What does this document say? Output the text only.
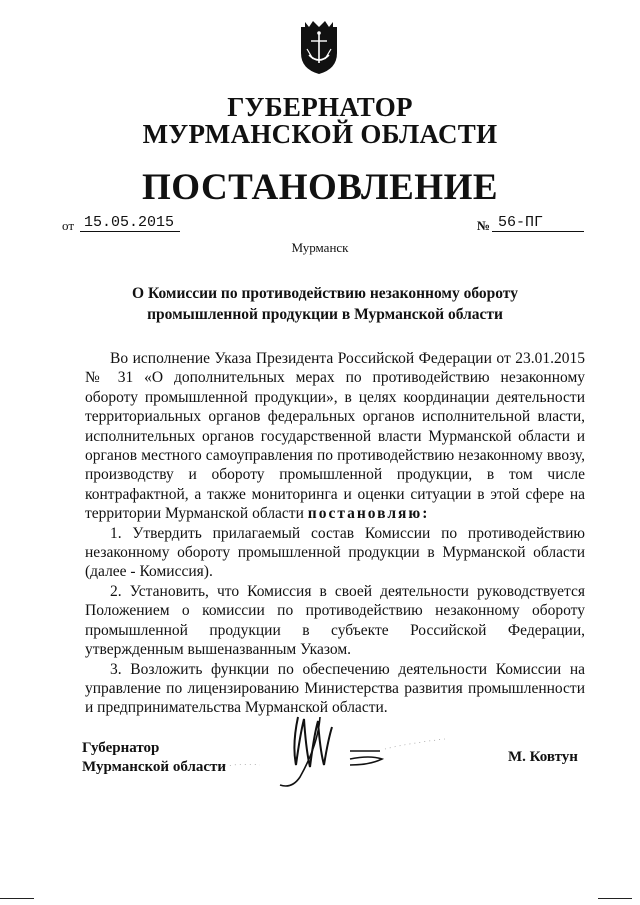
ГУБЕРНАТОР
МУРМАНСКОЙ ОБЛАСТИ
ПОСТАНОВЛЕНИЕ
от 15.05.2015	№ 56-ПГ
Мурманск
О Комиссии по противодействию незаконному обороту
промышленной продукции в Мурманской области

Во исполнение Указа Президента Российской Федерации от 23.01.2015 № 31 «О дополнительных мерах по противодействию незаконному обороту промышленной продукции», в целях координации деятельности территориальных органов федеральных органов исполнительной власти, исполнительных органов государственной власти Мурманской области и органов местного самоуправления по противодействию незаконному ввозу, производству и обороту промышленной продукции, в том числе контрафактной, а также мониторинга и оценки ситуации в этой сфере на территории Мурманской области постановляю:

1. Утвердить прилагаемый состав Комиссии по противодействию незаконному обороту промышленной продукции в Мурманской области (далее - Комиссия).

2. Установить, что Комиссия в своей деятельности руководствуется Положением о комиссии по противодействию незаконному обороту промышленной продукции в субъекте Российской Федерации, утвержденным вышеназванным Указом.

3. Возложить функции по обеспечению деятельности Комиссии на управление по лицензированию Министерства развития промышленности и предпринимательства Мурманской области.

Губернатор
Мурманской области
М. Ковтун
